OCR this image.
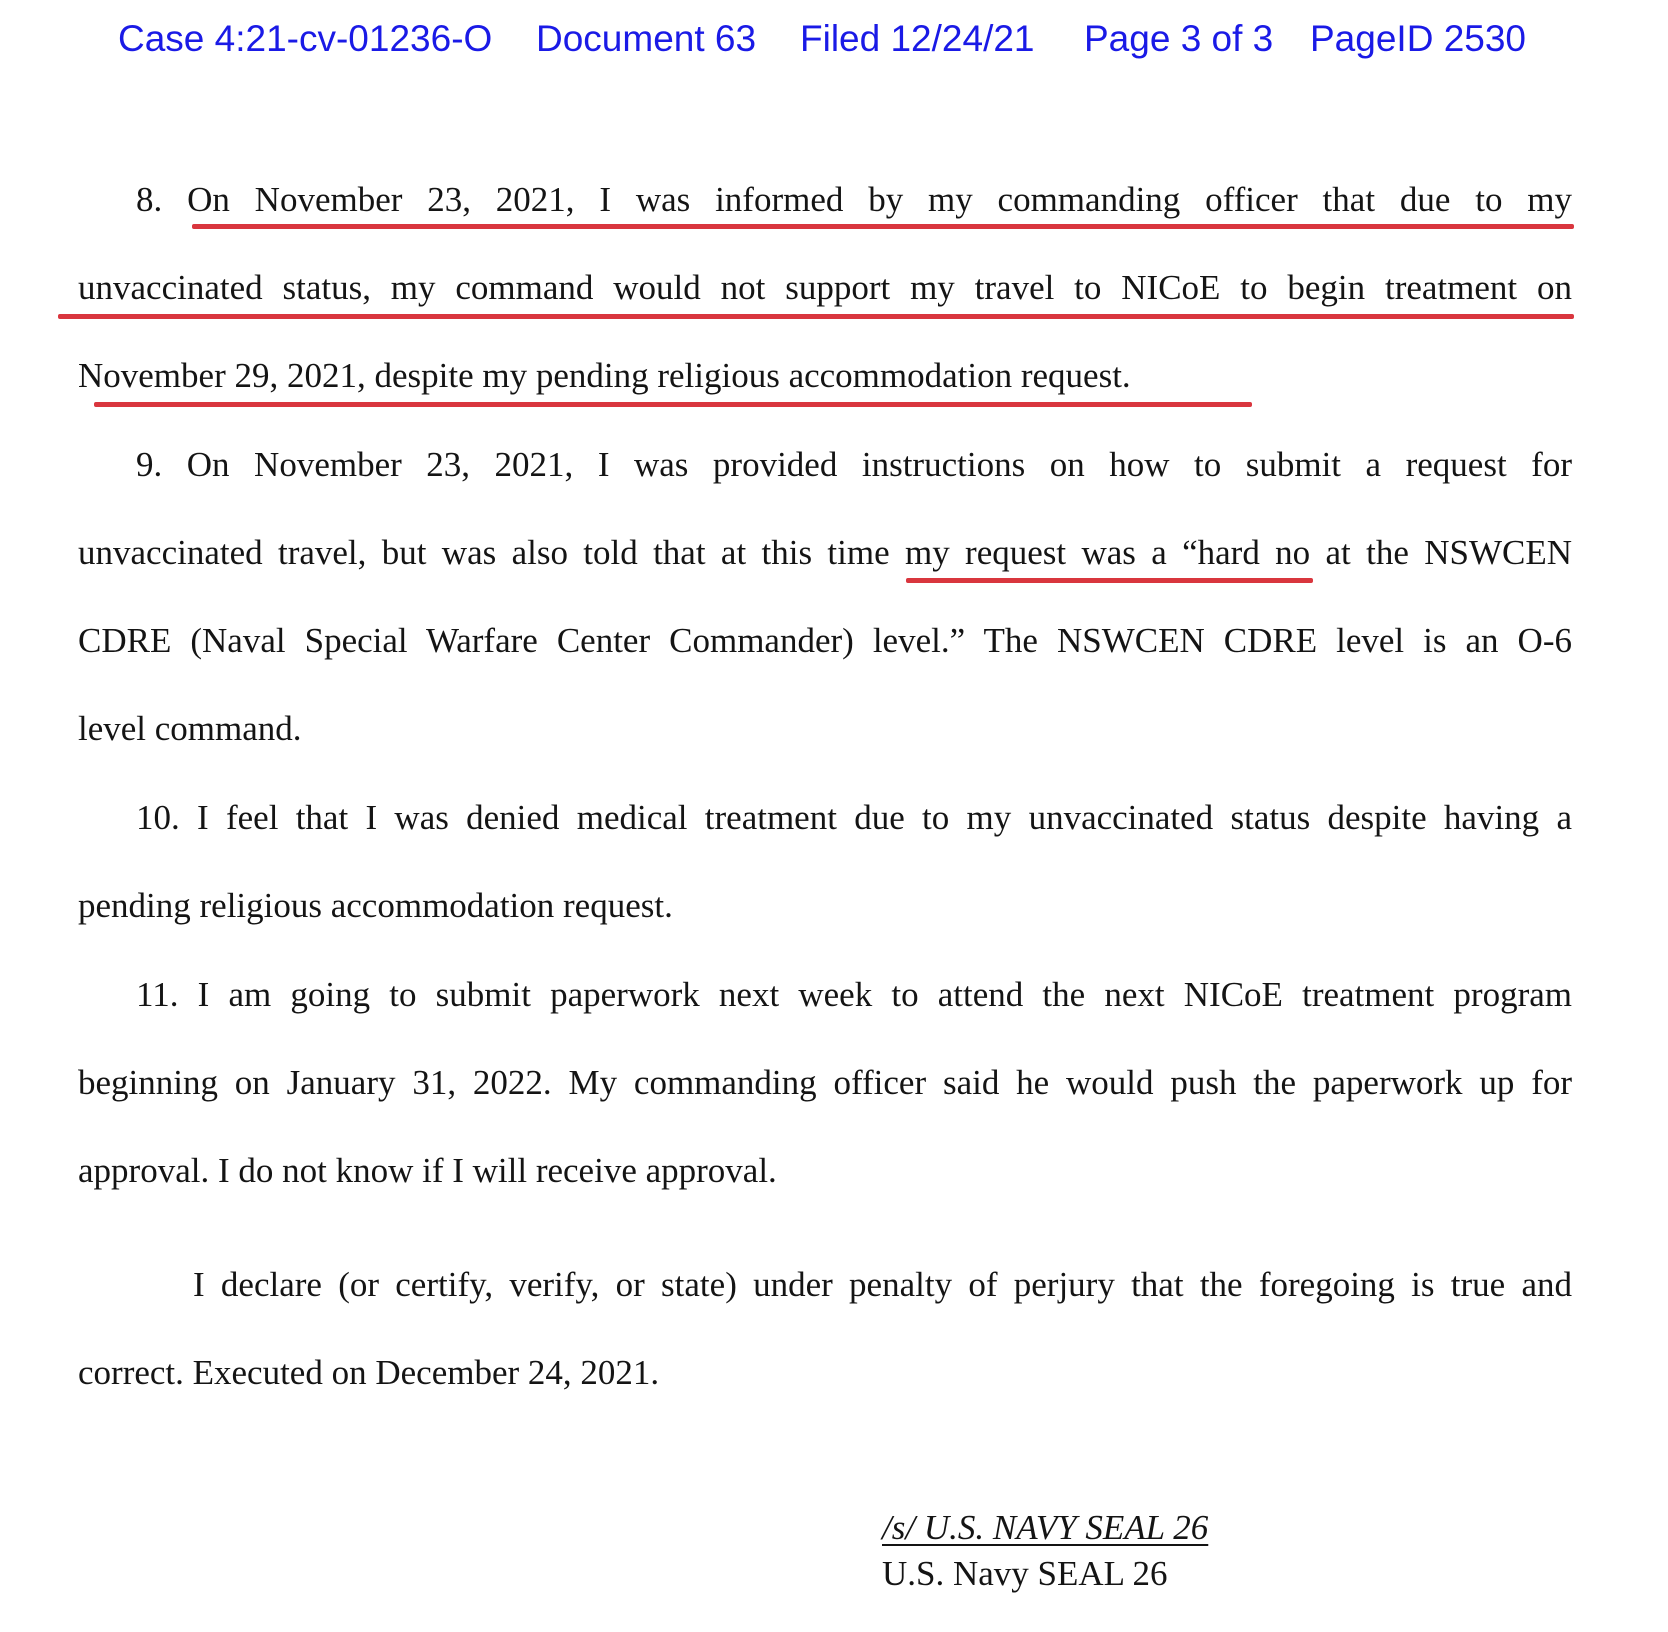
Case 4:21-cv-01236-O Document 63 Filed 12/24/21 Page 3 of 3 PageID 2530
8. On November 23, 2021, I was informed by my commanding officer that due to my
unvaccinated status, my command would not support my travel to NICoE to begin treatment on
November 29, 2021, despite my pending religious accommodation request.
9. On November 23, 2021, I was provided instructions on how to submit a request for
unvaccinated travel, but was also told that at this time my request was a “hard no at the NSWCEN
CDRE (Naval Special Warfare Center Commander) level.” The NSWCEN CDRE level is an O-6
level command.
10. I feel that I was denied medical treatment due to my unvaccinated status despite having a
pending religious accommodation request.
11. I am going to submit paperwork next week to attend the next NICoE treatment program
beginning on January 31, 2022. My commanding officer said he would push the paperwork up for
approval. I do not know if I will receive approval.
I declare (or certify, verify, or state) under penalty of perjury that the foregoing is true and
correct. Executed on December 24, 2021.
/s/ U.S. NAVY SEAL 26
U.S. Navy SEAL 26
